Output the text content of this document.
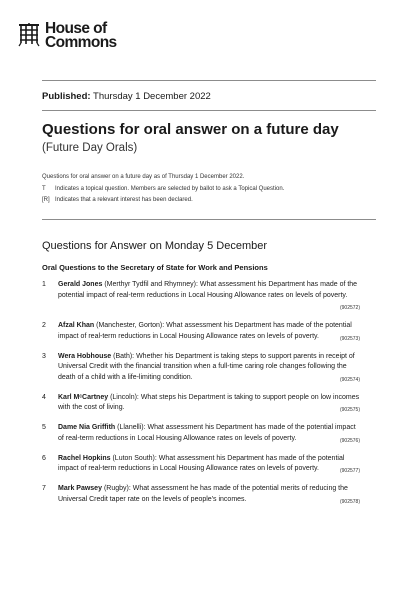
House of
Commons
Published: Thursday 1 December 2022
Questions for oral answer on a future day
(Future Day Orals)
Questions for oral answer on a future day as of Thursday 1 December 2022.
T	Indicates a topical question. Members are selected by ballot to ask a Topical Question.
[R] Indicates that a relevant interest has been declared.
Questions for Answer on Monday 5 December
Oral Questions to the Secretary of State for Work and Pensions
1	Gerald Jones (Merthyr Tydfil and Rhymney): What assessment his Department has made of the potential impact of real-term reductions in Local Housing Allowance rates on levels of poverty.
(902572)
2	Afzal Khan (Manchester, Gorton): What assessment his Department has made of the potential impact of real-term reductions in Local Housing Allowance rates on levels of poverty.	(902573)
3	Wera Hobhouse (Bath): Whether his Department is taking steps to support parents in receipt of Universal Credit with the financial transition when a full-time caring role changes following the death of a child with a life-limiting condition.	(902574)
4	Karl MᶜCartney (Lincoln): What steps his Department is taking to support people on low incomes with the cost of living.	(902575)
5	Dame Nia Griffith (Llanelli): What assessment his Department has made of the potential impact of real-term reductions in Local Housing Allowance rates on levels of poverty.	(902576)
6	Rachel Hopkins (Luton South): What assessment his Department has made of the potential impact of real-term reductions in Local Housing Allowance rates on levels of poverty.	(902577)
7	Mark Pawsey (Rugby): What assessment he has made of the potential merits of reducing the Universal Credit taper rate on the levels of people's incomes.	(902578)
